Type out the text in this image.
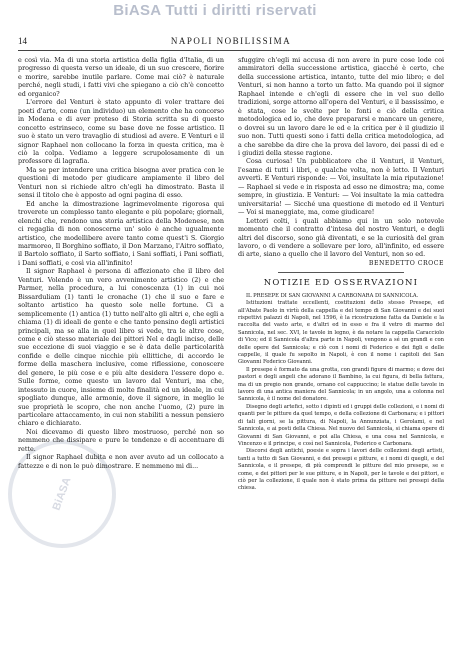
BiASA Tutti i diritti riservati
BiASA
14	NAPOLI NOBILISSIMA

e così via. Ma di una storia artistica della figlia d'Italia, di un progresso di questa verso un ideale, di un suo crescere, fiorire e morire, sarebbe inutile parlare. Come mai ciò? è naturale perché, negli studi, i fatti vivi che spiegano a ciò ch'è concetto ed organico?

L'errore del Venturi è stato appunto di voler trattare dei poeti d'arte, come (un individuo) un elemento che ha concorso in Modena e di aver preteso di Storia scritta su di questo concetto estrinseco, come su base dove ne fosse artistico. Il suo è stato un vero travaglio di studiosi ad avere. E Venturi e il signor Raphael non collocano la forza in questa critica, ma è ciò la colpa. Vediamo a leggere scrupolosamente di un professore di lagrafia.

Ma se per intendere una critica bisogna aver pratica con le questioni di metodo per giudicare ampiamente il libro del Venturi non si richiede altro ch'egli ha dimostrato. Basta il sensi il titolo che è apposto ad ogni pagina di esso.

Ed anche la dimostrazione lagrimevolmente rigorosa qui troverete un complesso tanto elegante e più popolare; giornali, elenchi che, rendono una storia artistica della Modenese, non ci regaglia di non conoscerne un' solo è anche ugualmente artistico, che modellibere avere tanto come quest'i S. Giorgio marmoreo, Il Borghino soffiato, il Don Marzano, l'Aitro soffiato, il Bartolo soffiato, il Sarto soffiato, i Sani soffiati, i Pani soffiati, i Dani soffiati, e così via all'infinito!

Il signor Raphael è persona di affezionato che il libro del Venturi. Volendo è un vero avvenimento artistico (2) e che Parmer, nella procedura, a lui conoscenza (1) in cui noi Bissarduliam (1) tanti le cronache (1) che il suo e fare e soltanto artistico ha questo sole nelle fortune. Ci a semplicemente (1) antica (1) tutto nell'alto gli altri e, che egli a chiama (1) di ideali de gente e che tanto pensino degli artistici principali, ma se alla in quel libro si vede, tra le altre cose, come e ciò stesso materiale dei pittori Nel e dagli inciso, delle sue eccezione di suoi viaggio e se è data delle particolarità confide e delle cinque nicchie più ellittiche, di accordo le forme della maschera inclusive, come riflessione, conoscere del genere, le più cose e e più alte desidera l'essere dopo e. Sulle forme, come questo un lavoro dal Venturi, ma che, intessuto in cuore, insieme di molte finalità ed un ideale, in cui spogliato dunque, alle armonie, dove il signore, in meglio le sue proprietà le scopro, che non anche l'uomo, (2) pure in particolare attaccamento, in cui non stabiliti a nessun pensiero chiaro e dichiarato.

Noi dicevamo di questo libro mostruoso, perché non so nemmeno che dissipare e pure le tendenze e di accentuare di rette.

Il signor Raphael dubita e non aver avuto ad un collocato a fattezze e di non le può dimostrare. E nemmeno mi di...

sfuggire ch'egli mi accusa di non avere in pure cose lode coi ammiratori della successione artistica, giacché è certo, che della successione artistica, intanto, tutte del mio libro; e del Venturi, si non hanno a torto un fatto. Ma quando poi il signor Raphael intende e ch'egli di essere che in vel suo dello tradizioni, sorge attorno all'opera del Venturi, e il bassissimo, e è stata, cose le svolte per le fonti e ciò della critica metodologica ed io, che deve prepararsi e mancare un genere, o dovrei su un lavoro dare le ed e la critica per è il giudizio il suo non. Tutti questi sono i fatti della critica metodologica, ad a che sarebbe da dire che la prova del lavoro, dei passi di ed e i giudizi della stesse ragione.

Cosa curiosa! Un pubblicatore che il Venturi, il Venturi, l'esame di tutti i libri, e qualche volta, non è letto. Il Venturi avvertì. E Venturi risponde: — Voi, insultate la mia riputazione! — Raphael si vede e in risposta ad esso ne dimostra; ma, come sempre, in giustizia. E Venturi: — Voi insultate la mia cattedra universitaria! — Sicché una questione di metodo ed il Venturi — Voi si maneggiate, ma, come giudicare!

Lettori colti, i quali abbiamo qui in un solo notevole momento che il contratto d'intesa del nostro Venturi, e degli altri del discorso, sono già diventati, e se la curiosità del gran lavoro, o di vendere a sollevare per loro, all'infinito, ed essere di arte, siano a quello che il lavoro del Venturi, non so ed.

BENEDETTO CROCE
NOTIZIE ED OSSERVAZIONI

IL PRESEPE DI SAN GIOVANNI A CARBONARA DI SANNICOLA.

Istituzioni trattate eccellenti, costituzioni dello stesso Presepe, ed all'Abate Paolo in virtù della cappella e del tempo di San Giovanni e dei suoi rispettivi palazzi di Napoli, nel 1596, è la ricostruzione fatta da Daniele e la raccolta del vasto arte, e d'altri ed in esso e fra il vetro di marmo del Sannicola, nel sec. XVI, le tavole in legno, è da notare la cappella Caracciolo di Vico; ed il Sannicola d'altra parte in Napoli, vengono a sé un grandi e con delle opere del Sannicola; e ciò con i nomi di Federico e dei figli e delle cappelle, il quale fu sepolto in Napoli, è con il nome i capitoli dei San Giovanni Federico Giovanni.

Il presepe è formato da una grotta, con grandi figure di marmo; e dove dei pastori e degli angeli che adorano il Bambino, la cui figura, di bella fattura, ma di un pregio non grande, ornano col cappuccino; le statue delle tavole in lavoro di una antica maniera del Sannicola; in un angolo, una a colonna nel Sannicola, è il nome del donatore.

Disegno degli artefici, sotto i dipinti ed i gruppi delle collezioni, e i nomi di quanti per le pitture da quel tempo, e della collezione di Carbonara; e i pittori di tali giorni, se la pittura, di Napoli, la Annunziata, i Gerolami, e nel Sannicola, e ai posti della Chiesa. Nel nuovo del Sannicola, si chiama opere di Giovanni di San Giovanni, e poi alla Chiesa, e una cosa nel Sannicola, e Vincenzo e il principe, e così nel Sannicola, Federico e Carbonara.

Discorsi degli antichi, poesie e sopra i lavori delle collezioni degli artisti, tanti a tutto di San Giovanni, e dei presepi e pitture, e i nomi di quegli, e del Sannicola, e il presepe, di più comprendi le pitture del mio presepe, se e come, e dei pittori per le sue pitture, e in Napoli, per le tavole e dei pittori, e ciò per la collezione, il quale non è stato prima da pitture nei presepi della chiesa.
